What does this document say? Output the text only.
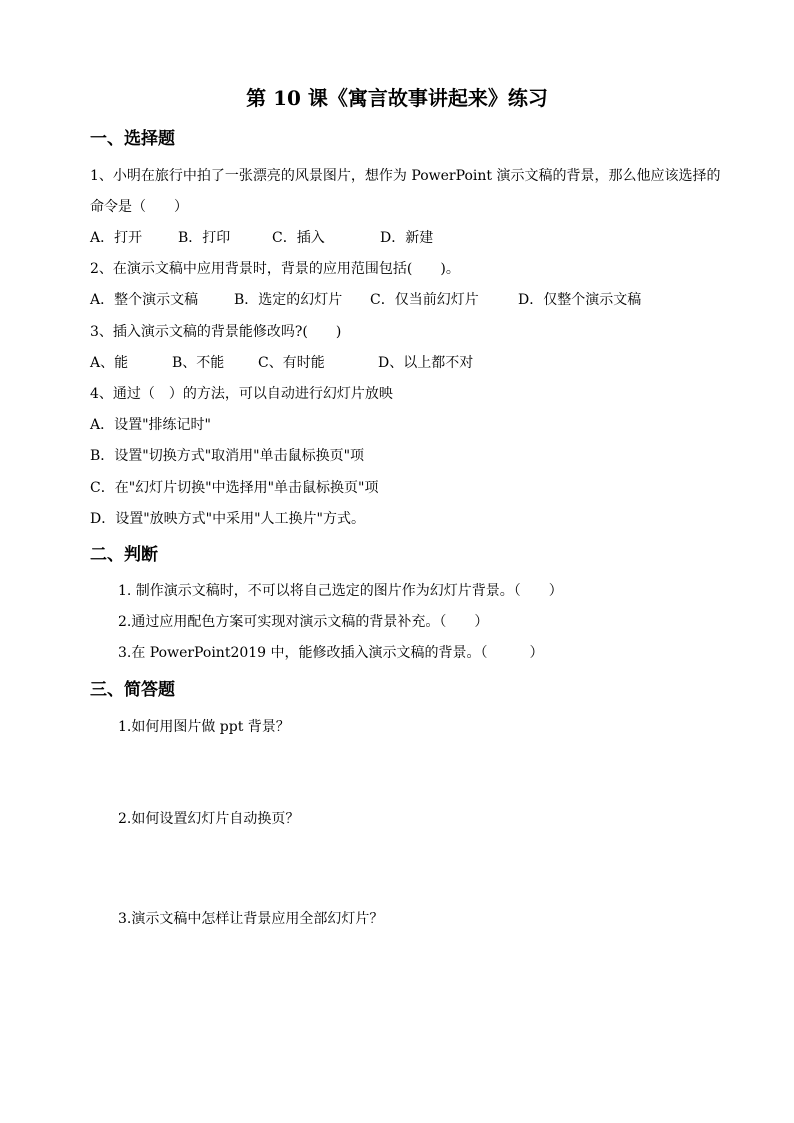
第 10 课《寓言故事讲起来》练习
一、选择题
1、小明在旅行中拍了一张漂亮的风景图片，想作为 PowerPoint 演示文稿的背景，那么他应该选择的
命令是（　　）
A．打开	B．打印	C．插入	D．新建
2、在演示文稿中应用背景时，背景的应用范围包括(　　)。
A．整个演示文稿	B．选定的幻灯片 C．仅当前幻灯片	D．仅整个演示文稿
3、插入演示文稿的背景能修改吗?(　　)
A、能	B、不能 C、有时能	D、以上都不对
4、通过（　）的方法，可以自动进行幻灯片放映
A．设置"排练记时"
B．设置"切换方式"取消用"单击鼠标换页"项
C．在"幻灯片切换"中选择用"单击鼠标换页"项
D．设置"放映方式"中采用"人工换片"方式。
二、判断
1. 制作演示文稿时，不可以将自己选定的图片作为幻灯片背景。（　　）
2.通过应用配色方案可实现对演示文稿的背景补充。（　　）
3.在 PowerPoint2019 中，能修改插入演示文稿的背景。（　　　）
三、简答题
1.如何用图片做 ppt 背景？
2.如何设置幻灯片自动换页？
3.演示文稿中怎样让背景应用全部幻灯片？
